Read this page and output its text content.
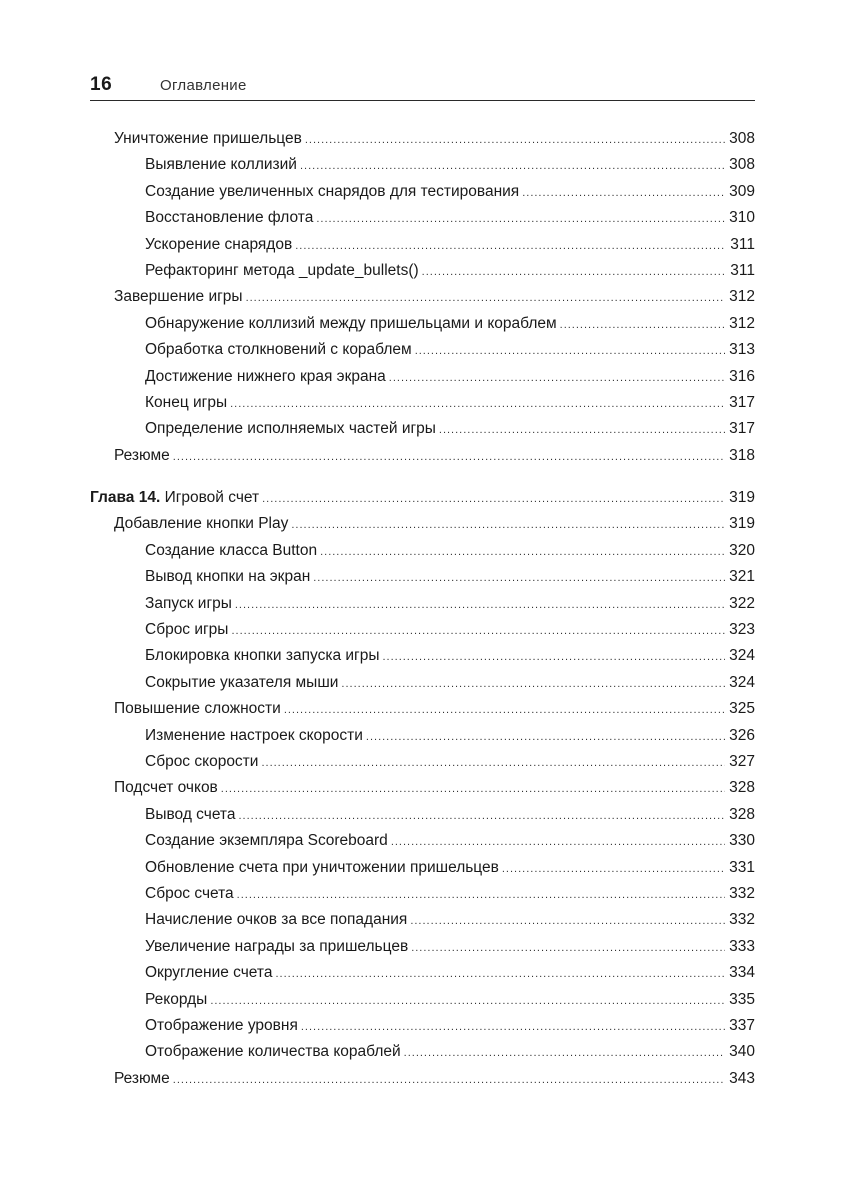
16	Оглавление
Уничтожение пришельцев .....	308
Выявление коллизий .....	308
Создание увеличенных снарядов для тестирования .....	309
Восстановление флота .....	310
Ускорение снарядов .....	311
Рефакторинг метода _update_bullets() .....	311
Завершение игры .....	312
Обнаружение коллизий между пришельцами и кораблем .....	312
Обработка столкновений с кораблем .....	313
Достижение нижнего края экрана .....	316
Конец игры .....	317
Определение исполняемых частей игры .....	317
Резюме .....	318
Глава 14. Игровой счет .....	319
Добавление кнопки Play .....	319
Создание класса Button .....	320
Вывод кнопки на экран .....	321
Запуск игры .....	322
Сброс игры .....	323
Блокировка кнопки запуска игры .....	324
Сокрытие указателя мыши .....	324
Повышение сложности .....	325
Изменение настроек скорости .....	326
Сброс скорости .....	327
Подсчет очков .....	328
Вывод счета .....	328
Создание экземпляра Scoreboard .....	330
Обновление счета при уничтожении пришельцев .....	331
Сброс счета .....	332
Начисление очков за все попадания .....	332
Увеличение награды за пришельцев .....	333
Округление счета .....	334
Рекорды .....	335
Отображение уровня .....	337
Отображение количества кораблей .....	340
Резюме .....	343
